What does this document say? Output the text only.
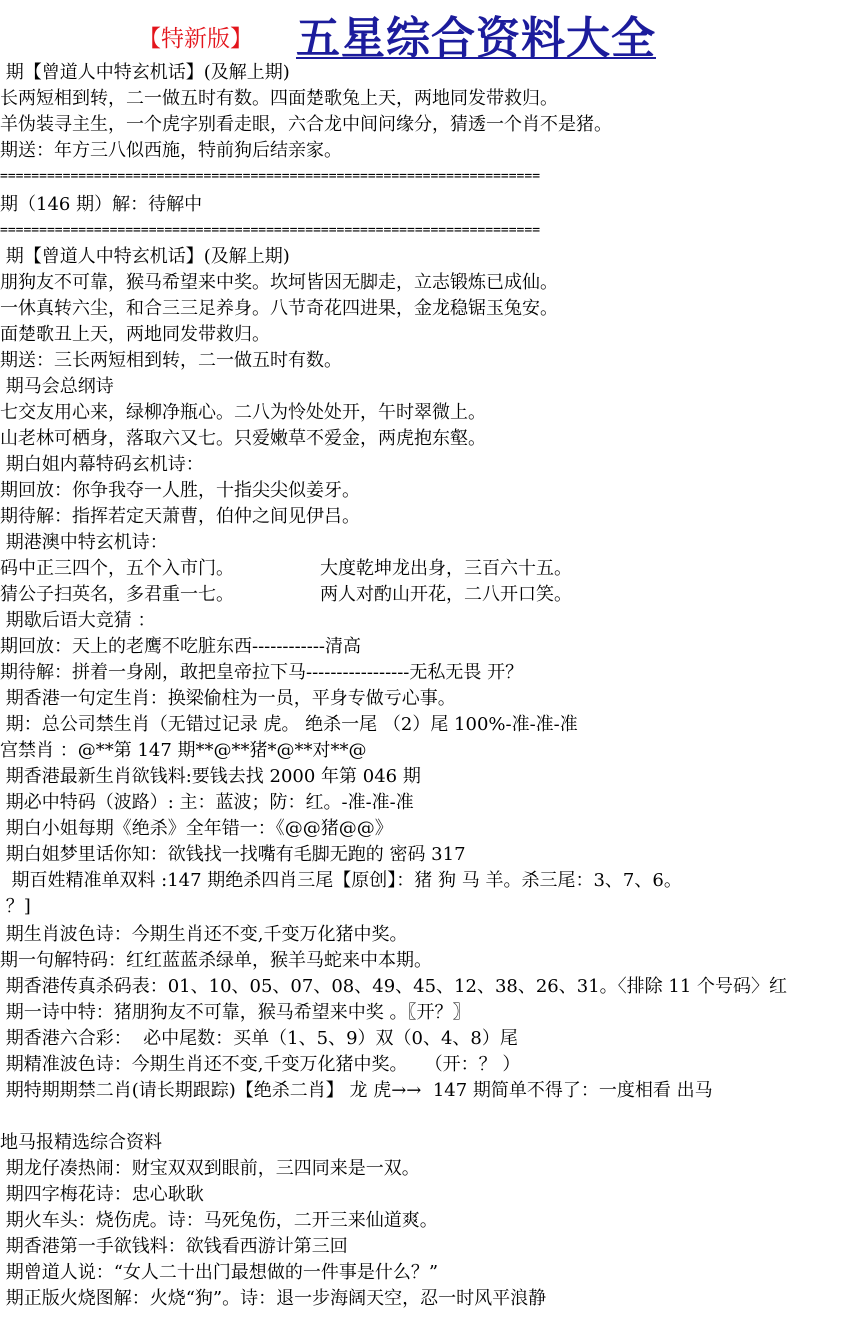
【特新版】 五星综合资料大全
期【曾道人中特玄机话】(及解上期)
长两短相到转，二一做五时有数。四面楚歌兔上天，两地同发带救归。
羊伪装寻主生，一个虎字别看走眼，六合龙中间问缘分，猜透一个肖不是猪。
期送：年方三八似西施，特前狗后结亲家。
=====================================================================
期（146 期）解：待解中
=====================================================================
期【曾道人中特玄机话】(及解上期)
朋狗友不可靠，猴马希望来中奖。坎坷皆因无脚走，立志锻炼已成仙。
一休真转六尘，和合三三足养身。八节奇花四进果，金龙稳锯玉兔安。
面楚歌丑上天，两地同发带救归。
期送：三长两短相到转，二一做五时有数。
期马会总纲诗
七交友用心来，绿柳净瓶心。二八为怜处处开，午时翠微上。
山老林可栖身，落取六又七。只爱嫩草不爱金，两虎抱东壑。
期白姐内幕特码玄机诗：
期回放：你争我夺一人胜，十指尖尖似姜牙。
期待解：指挥若定天萧曹，伯仲之间见伊吕。
期港澳中特玄机诗：
码中正三四个，五个入市门。	大度乾坤龙出身，三百六十五。
猜公子扫英名，多君重一七。	两人对酌山开花，二八开口笑。
期歇后语大竞猜 ：
期回放：天上的老鹰不吃脏东西------------清高
期待解：拼着一身剐，敢把皇帝拉下马-----------------无私无畏 开？
期香港一句定生肖：换梁偷柱为一员，平身专做亏心事。
期：总公司禁生肖（无错过记录 虎。 绝杀一尾 （2）尾 100%-准-准-准
宫禁肖 ：@**第 147 期**@**猪*@**对**@
期香港最新生肖欲钱料:要钱去找 2000 年第 046 期
期必中特码（波路）: 主：蓝波；防：红。-准-准-准
期白小姐每期《绝杀》全年错一：《@@猪@@》
期白姐梦里话你知：欲钱找一找嘴有毛脚无跑的 密码 317
期百姓精准单双料 :147 期绝杀四肖三尾【原创】：猪 狗 马 羊。杀三尾：3、7、6。
？]
期生肖波色诗：今期生肖还不变,千变万化猪中奖。
期一句解特码：红红蓝蓝杀绿单，猴羊马蛇来中本期。
期香港传真杀码表：01、10、05、07、08、49、45、12、38、26、31。〈排除 11 个号码〉红
期一诗中特：猪朋狗友不可靠，猴马希望来中奖 。〖开？〗
期香港六合彩：  必中尾数：买单（1、5、9）双（0、4、8）尾
期精准波色诗：今期生肖还不变,千变万化猪中奖。   （开：？ ）
期特期期禁二肖(请长期跟踪)【绝杀二肖】 龙 虎→→  147 期简单不得了：一度相看 出马
地马报精选综合资料
期龙仔凑热闹：财宝双双到眼前，三四同来是一双。
期四字梅花诗：忠心耿耿
期火车头：烧伤虎。诗：马死兔伤，二开三来仙道爽。
期香港第一手欲钱料：欲钱看西游计第三回
期曾道人说：“女人二十出门最想做的一件事是什么？”
期正版火烧图解：火烧“狗”。诗：退一步海阔天空，忍一时风平浪静
